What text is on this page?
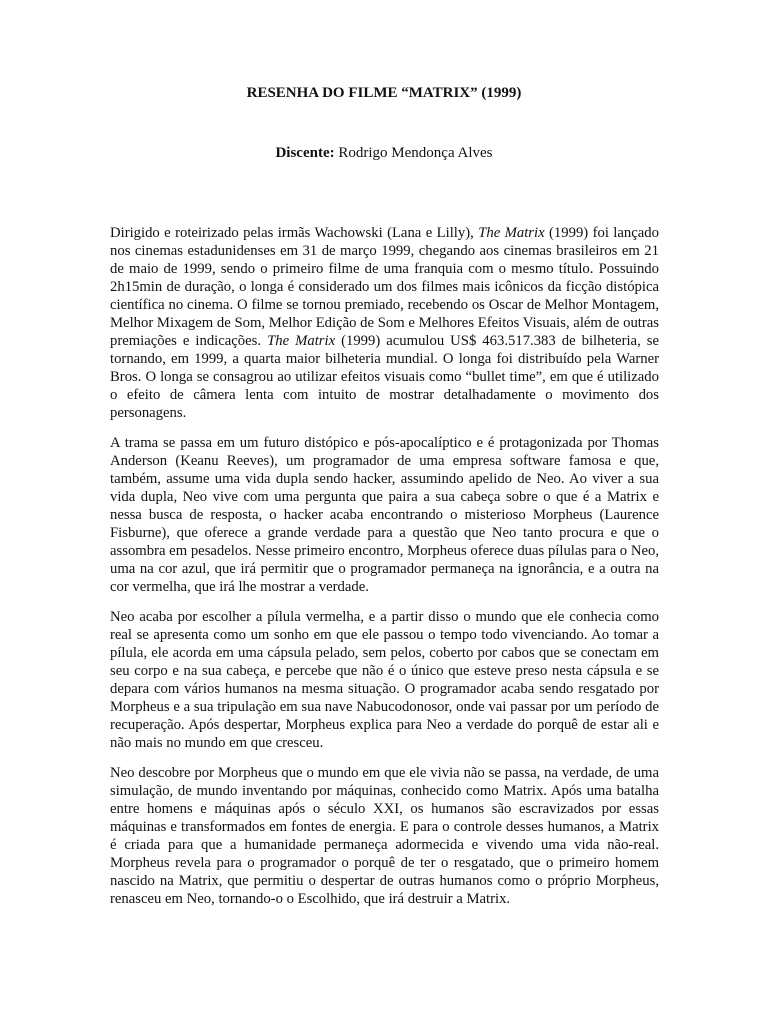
RESENHA DO FILME “MATRIX” (1999)
Discente: Rodrigo Mendonça Alves

Dirigido e roteirizado pelas irmãs Wachowski (Lana e Lilly), The Matrix (1999) foi lançado nos cinemas estadunidenses em 31 de março 1999, chegando aos cinemas brasileiros em 21 de maio de 1999, sendo o primeiro filme de uma franquia com o mesmo título. Possuindo 2h15min de duração, o longa é considerado um dos filmes mais icônicos da ficção distópica científica no cinema. O filme se tornou premiado, recebendo os Oscar de Melhor Montagem, Melhor Mixagem de Som, Melhor Edição de Som e Melhores Efeitos Visuais, além de outras premiações e indicações. The Matrix (1999) acumulou US$ 463.517.383 de bilheteria, se tornando, em 1999, a quarta maior bilheteria mundial. O longa foi distribuído pela Warner Bros. O longa se consagrou ao utilizar efeitos visuais como “bullet time”, em que é utilizado o efeito de câmera lenta com intuito de mostrar detalhadamente o movimento dos personagens.

A trama se passa em um futuro distópico e pós-apocalíptico e é protagonizada por Thomas Anderson (Keanu Reeves), um programador de uma empresa software famosa e que, também, assume uma vida dupla sendo hacker, assumindo apelido de Neo. Ao viver a sua vida dupla, Neo vive com uma pergunta que paira a sua cabeça sobre o que é a Matrix e nessa busca de resposta, o hacker acaba encontrando o misterioso Morpheus (Laurence Fisburne), que oferece a grande verdade para a questão que Neo tanto procura e que o assombra em pesadelos. Nesse primeiro encontro, Morpheus oferece duas pílulas para o Neo, uma na cor azul, que irá permitir que o programador permaneça na ignorância, e a outra na cor vermelha, que irá lhe mostrar a verdade.

Neo acaba por escolher a pílula vermelha, e a partir disso o mundo que ele conhecia como real se apresenta como um sonho em que ele passou o tempo todo vivenciando. Ao tomar a pílula, ele acorda em uma cápsula pelado, sem pelos, coberto por cabos que se conectam em seu corpo e na sua cabeça, e percebe que não é o único que esteve preso nesta cápsula e se depara com vários humanos na mesma situação. O programador acaba sendo resgatado por Morpheus e a sua tripulação em sua nave Nabucodonosor, onde vai passar por um período de recuperação. Após despertar, Morpheus explica para Neo a verdade do porquê de estar ali e não mais no mundo em que cresceu.

Neo descobre por Morpheus que o mundo em que ele vivia não se passa, na verdade, de uma simulação, de mundo inventando por máquinas, conhecido como Matrix. Após uma batalha entre homens e máquinas após o século XXI, os humanos são escravizados por essas máquinas e transformados em fontes de energia. E para o controle desses humanos, a Matrix é criada para que a humanidade permaneça adormecida e vivendo uma vida não-real. Morpheus revela para o programador o porquê de ter o resgatado, que o primeiro homem nascido na Matrix, que permitiu o despertar de outras humanos como o próprio Morpheus, renasceu em Neo, tornando-o o Escolhido, que irá destruir a Matrix.
